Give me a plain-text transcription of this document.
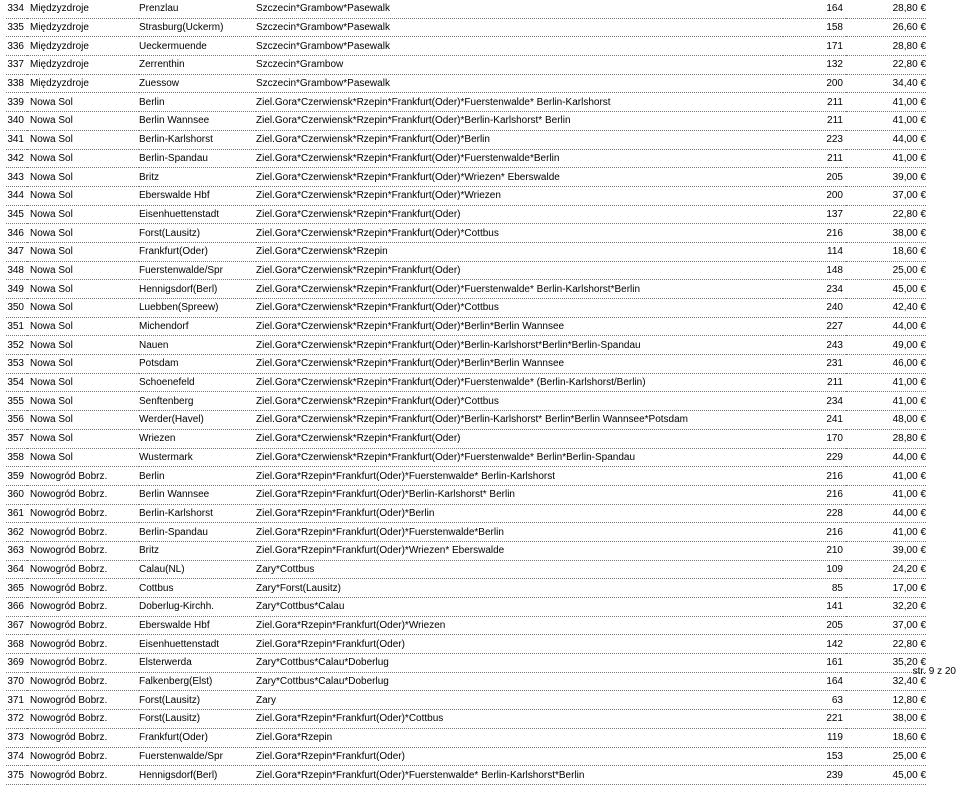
334	Międzyzdroje	Prenzlau	Szczecin*Grambow*Pasewalk	164	28,80 €
335	Międzyzdroje	Strasburg(Uckerm)	Szczecin*Grambow*Pasewalk	158	26,60 €
336	Międzyzdroje	Ueckermuende	Szczecin*Grambow*Pasewalk	171	28,80 €
337	Międzyzdroje	Zerrenthin	Szczecin*Grambow	132	22,80 €
338	Międzyzdroje	Zuessow	Szczecin*Grambow*Pasewalk	200	34,40 €
339	Nowa Sol	Berlin	Ziel.Gora*Czerwiensk*Rzepin*Frankfurt(Oder)*Fuerstenwalde* Berlin-Karlshorst	211	41,00 €
340	Nowa Sol	Berlin Wannsee	Ziel.Gora*Czerwiensk*Rzepin*Frankfurt(Oder)*Berlin-Karlshorst* Berlin	211	41,00 €
341	Nowa Sol	Berlin-Karlshorst	Ziel.Gora*Czerwiensk*Rzepin*Frankfurt(Oder)*Berlin	223	44,00 €
342	Nowa Sol	Berlin-Spandau	Ziel.Gora*Czerwiensk*Rzepin*Frankfurt(Oder)*Fuerstenwalde*Berlin	211	41,00 €
343	Nowa Sol	Britz	Ziel.Gora*Czerwiensk*Rzepin*Frankfurt(Oder)*Wriezen* Eberswalde	205	39,00 €
344	Nowa Sol	Eberswalde Hbf	Ziel.Gora*Czerwiensk*Rzepin*Frankfurt(Oder)*Wriezen	200	37,00 €
345	Nowa Sol	Eisenhuettenstadt	Ziel.Gora*Czerwiensk*Rzepin*Frankfurt(Oder)	137	22,80 €
346	Nowa Sol	Forst(Lausitz)	Ziel.Gora*Czerwiensk*Rzepin*Frankfurt(Oder)*Cottbus	216	38,00 €
347	Nowa Sol	Frankfurt(Oder)	Ziel.Gora*Czerwiensk*Rzepin	114	18,60 €
348	Nowa Sol	Fuerstenwalde/Spr	Ziel.Gora*Czerwiensk*Rzepin*Frankfurt(Oder)	148	25,00 €
349	Nowa Sol	Hennigsdorf(Berl)	Ziel.Gora*Czerwiensk*Rzepin*Frankfurt(Oder)*Fuerstenwalde* Berlin-Karlshorst*Berlin	234	45,00 €
350	Nowa Sol	Luebben(Spreew)	Ziel.Gora*Czerwiensk*Rzepin*Frankfurt(Oder)*Cottbus	240	42,40 €
351	Nowa Sol	Michendorf	Ziel.Gora*Czerwiensk*Rzepin*Frankfurt(Oder)*Berlin*Berlin Wannsee	227	44,00 €
352	Nowa Sol	Nauen	Ziel.Gora*Czerwiensk*Rzepin*Frankfurt(Oder)*Berlin-Karlshorst*Berlin*Berlin-Spandau	243	49,00 €
353	Nowa Sol	Potsdam	Ziel.Gora*Czerwiensk*Rzepin*Frankfurt(Oder)*Berlin*Berlin Wannsee	231	46,00 €
354	Nowa Sol	Schoenefeld	Ziel.Gora*Czerwiensk*Rzepin*Frankfurt(Oder)*Fuerstenwalde* (Berlin-Karlshorst/Berlin)	211	41,00 €
355	Nowa Sol	Senftenberg	Ziel.Gora*Czerwiensk*Rzepin*Frankfurt(Oder)*Cottbus	234	41,00 €
356	Nowa Sol	Werder(Havel)	Ziel.Gora*Czerwiensk*Rzepin*Frankfurt(Oder)*Berlin-Karlshorst* Berlin*Berlin Wannsee*Potsdam	241	48,00 €
357	Nowa Sol	Wriezen	Ziel.Gora*Czerwiensk*Rzepin*Frankfurt(Oder)	170	28,80 €
358	Nowa Sol	Wustermark	Ziel.Gora*Czerwiensk*Rzepin*Frankfurt(Oder)*Fuerstenwalde* Berlin*Berlin-Spandau	229	44,00 €
359	Nowogród Bobrz.	Berlin	Ziel.Gora*Rzepin*Frankfurt(Oder)*Fuerstenwalde* Berlin-Karlshorst	216	41,00 €
360	Nowogród Bobrz.	Berlin Wannsee	Ziel.Gora*Rzepin*Frankfurt(Oder)*Berlin-Karlshorst* Berlin	216	41,00 €
361	Nowogród Bobrz.	Berlin-Karlshorst	Ziel.Gora*Rzepin*Frankfurt(Oder)*Berlin	228	44,00 €
362	Nowogród Bobrz.	Berlin-Spandau	Ziel.Gora*Rzepin*Frankfurt(Oder)*Fuerstenwalde*Berlin	216	41,00 €
363	Nowogród Bobrz.	Britz	Ziel.Gora*Rzepin*Frankfurt(Oder)*Wriezen* Eberswalde	210	39,00 €
364	Nowogród Bobrz.	Calau(NL)	Zary*Cottbus	109	24,20 €
365	Nowogród Bobrz.	Cottbus	Zary*Forst(Lausitz)	85	17,00 €
366	Nowogród Bobrz.	Doberlug-Kirchh.	Zary*Cottbus*Calau	141	32,20 €
367	Nowogród Bobrz.	Eberswalde Hbf	Ziel.Gora*Rzepin*Frankfurt(Oder)*Wriezen	205	37,00 €
368	Nowogród Bobrz.	Eisenhuettenstadt	Ziel.Gora*Rzepin*Frankfurt(Oder)	142	22,80 €
369	Nowogród Bobrz.	Elsterwerda	Zary*Cottbus*Calau*Doberlug	161	35,20 €
370	Nowogród Bobrz.	Falkenberg(Elst)	Zary*Cottbus*Calau*Doberlug	164	32,40 €
371	Nowogród Bobrz.	Forst(Lausitz)	Zary	63	12,80 €
372	Nowogród Bobrz.	Forst(Lausitz)	Ziel.Gora*Rzepin*Frankfurt(Oder)*Cottbus	221	38,00 €
373	Nowogród Bobrz.	Frankfurt(Oder)	Ziel.Gora*Rzepin	119	18,60 €
374	Nowogród Bobrz.	Fuerstenwalde/Spr	Ziel.Gora*Rzepin*Frankfurt(Oder)	153	25,00 €
375	Nowogród Bobrz.	Hennigsdorf(Berl)	Ziel.Gora*Rzepin*Frankfurt(Oder)*Fuerstenwalde* Berlin-Karlshorst*Berlin	239	45,00 €
str. 9 z 20
